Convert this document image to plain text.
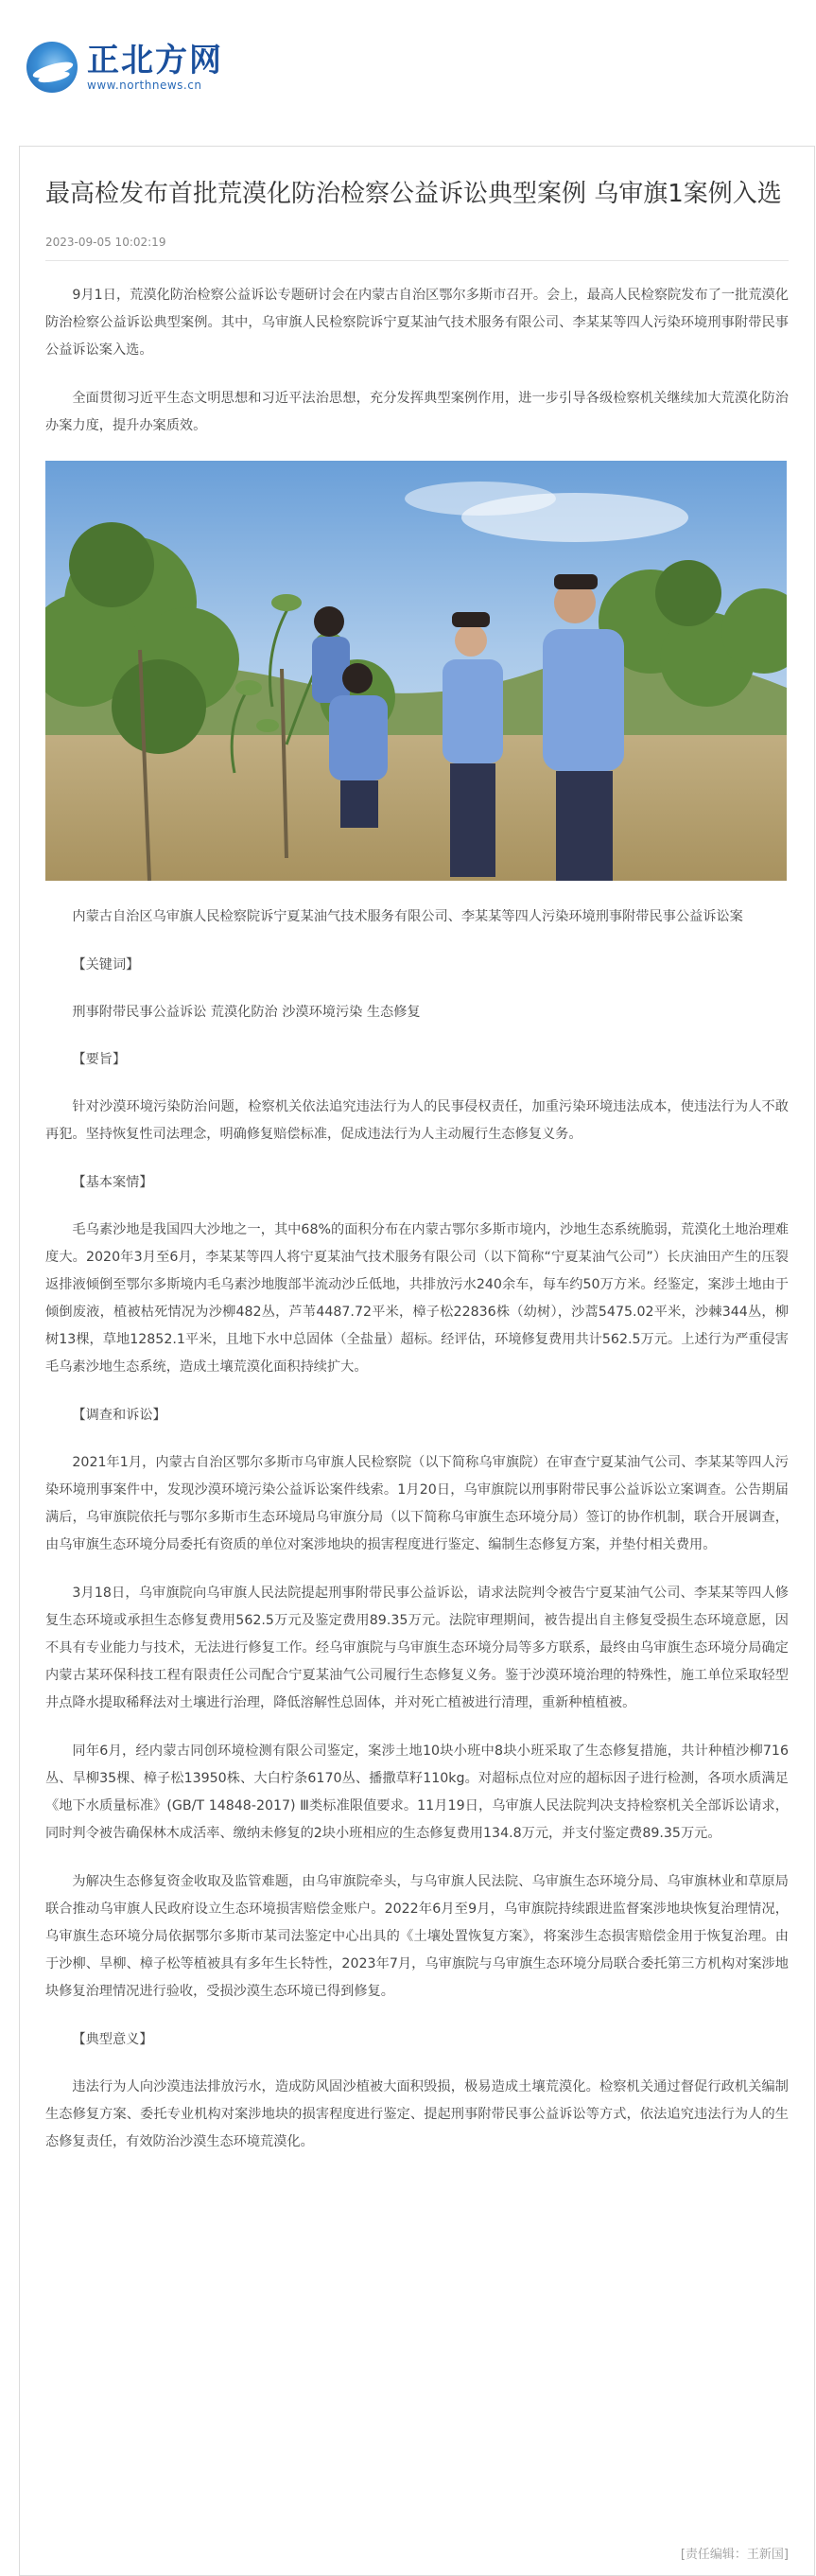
正北方网
www.northnews.cn
最高检发布首批荒漠化防治检察公益诉讼典型案例 乌审旗1案例入选
2023-09-05 10:02:19

9月1日，荒漠化防治检察公益诉讼专题研讨会在内蒙古自治区鄂尔多斯市召开。会上，最高人民检察院发布了一批荒漠化防治检察公益诉讼典型案例。其中，乌审旗人民检察院诉宁夏某油气技术服务有限公司、李某某等四人污染环境刑事附带民事公益诉讼案入选。

全面贯彻习近平生态文明思想和习近平法治思想，充分发挥典型案例作用，进一步引导各级检察机关继续加大荒漠化防治办案力度，提升办案质效。

内蒙古自治区乌审旗人民检察院诉宁夏某油气技术服务有限公司、李某某等四人污染环境刑事附带民事公益诉讼案

【关键词】

刑事附带民事公益诉讼 荒漠化防治 沙漠环境污染 生态修复

【要旨】

针对沙漠环境污染防治问题，检察机关依法追究违法行为人的民事侵权责任，加重污染环境违法成本，使违法行为人不敢再犯。坚持恢复性司法理念，明确修复赔偿标准，促成违法行为人主动履行生态修复义务。

【基本案情】

毛乌素沙地是我国四大沙地之一，其中68%的面积分布在内蒙古鄂尔多斯市境内，沙地生态系统脆弱，荒漠化土地治理难度大。2020年3月至6月，李某某等四人将宁夏某油气技术服务有限公司（以下简称“宁夏某油气公司”）长庆油田产生的压裂返排液倾倒至鄂尔多斯境内毛乌素沙地腹部半流动沙丘低地，共排放污水240余车，每车约50万方米。经鉴定，案涉土地由于倾倒废液，植被枯死情况为沙柳482丛，芦苇4487.72平米，樟子松22836株（幼树），沙蒿5475.02平米，沙棘344丛，柳树13棵，草地12852.1平米，且地下水中总固体（全盐量）超标。经评估，环境修复费用共计562.5万元。上述行为严重侵害毛乌素沙地生态系统，造成土壤荒漠化面积持续扩大。

【调查和诉讼】

2021年1月，内蒙古自治区鄂尔多斯市乌审旗人民检察院（以下简称乌审旗院）在审查宁夏某油气公司、李某某等四人污染环境刑事案件中，发现沙漠环境污染公益诉讼案件线索。1月20日，乌审旗院以刑事附带民事公益诉讼立案调查。公告期届满后，乌审旗院依托与鄂尔多斯市生态环境局乌审旗分局（以下简称乌审旗生态环境分局）签订的协作机制，联合开展调查，由乌审旗生态环境分局委托有资质的单位对案涉地块的损害程度进行鉴定、编制生态修复方案，并垫付相关费用。

3月18日，乌审旗院向乌审旗人民法院提起刑事附带民事公益诉讼，请求法院判令被告宁夏某油气公司、李某某等四人修复生态环境或承担生态修复费用562.5万元及鉴定费用89.35万元。法院审理期间，被告提出自主修复受损生态环境意愿，因不具有专业能力与技术，无法进行修复工作。经乌审旗院与乌审旗生态环境分局等多方联系，最终由乌审旗生态环境分局确定内蒙古某环保科技工程有限责任公司配合宁夏某油气公司履行生态修复义务。鉴于沙漠环境治理的特殊性，施工单位采取轻型井点降水提取稀释法对土壤进行治理，降低溶解性总固体，并对死亡植被进行清理，重新种植植被。

同年6月，经内蒙古同创环境检测有限公司鉴定，案涉土地10块小班中8块小班采取了生态修复措施，共计种植沙柳716丛、旱柳35棵、樟子松13950株、大白柠条6170丛、播撒草籽110kg。对超标点位对应的超标因子进行检测，各项水质满足《地下水质量标准》(GB/T 14848-2017) Ⅲ类标准限值要求。11月19日，乌审旗人民法院判决支持检察机关全部诉讼请求，同时判令被告确保林木成活率、缴纳未修复的2块小班相应的生态修复费用134.8万元，并支付鉴定费89.35万元。

为解决生态修复资金收取及监管难题，由乌审旗院牵头，与乌审旗人民法院、乌审旗生态环境分局、乌审旗林业和草原局联合推动乌审旗人民政府设立生态环境损害赔偿金账户。2022年6月至9月，乌审旗院持续跟进监督案涉地块恢复治理情况，乌审旗生态环境分局依据鄂尔多斯市某司法鉴定中心出具的《土壤处置恢复方案》，将案涉生态损害赔偿金用于恢复治理。由于沙柳、旱柳、樟子松等植被具有多年生长特性，2023年7月，乌审旗院与乌审旗生态环境分局联合委托第三方机构对案涉地块修复治理情况进行验收，受损沙漠生态环境已得到修复。

【典型意义】

违法行为人向沙漠违法排放污水，造成防风固沙植被大面积毁损，极易造成土壤荒漠化。检察机关通过督促行政机关编制生态修复方案、委托专业机构对案涉地块的损害程度进行鉴定、提起刑事附带民事公益诉讼等方式，依法追究违法行为人的生态修复责任，有效防治沙漠生态环境荒漠化。

[责任编辑：王新国]
